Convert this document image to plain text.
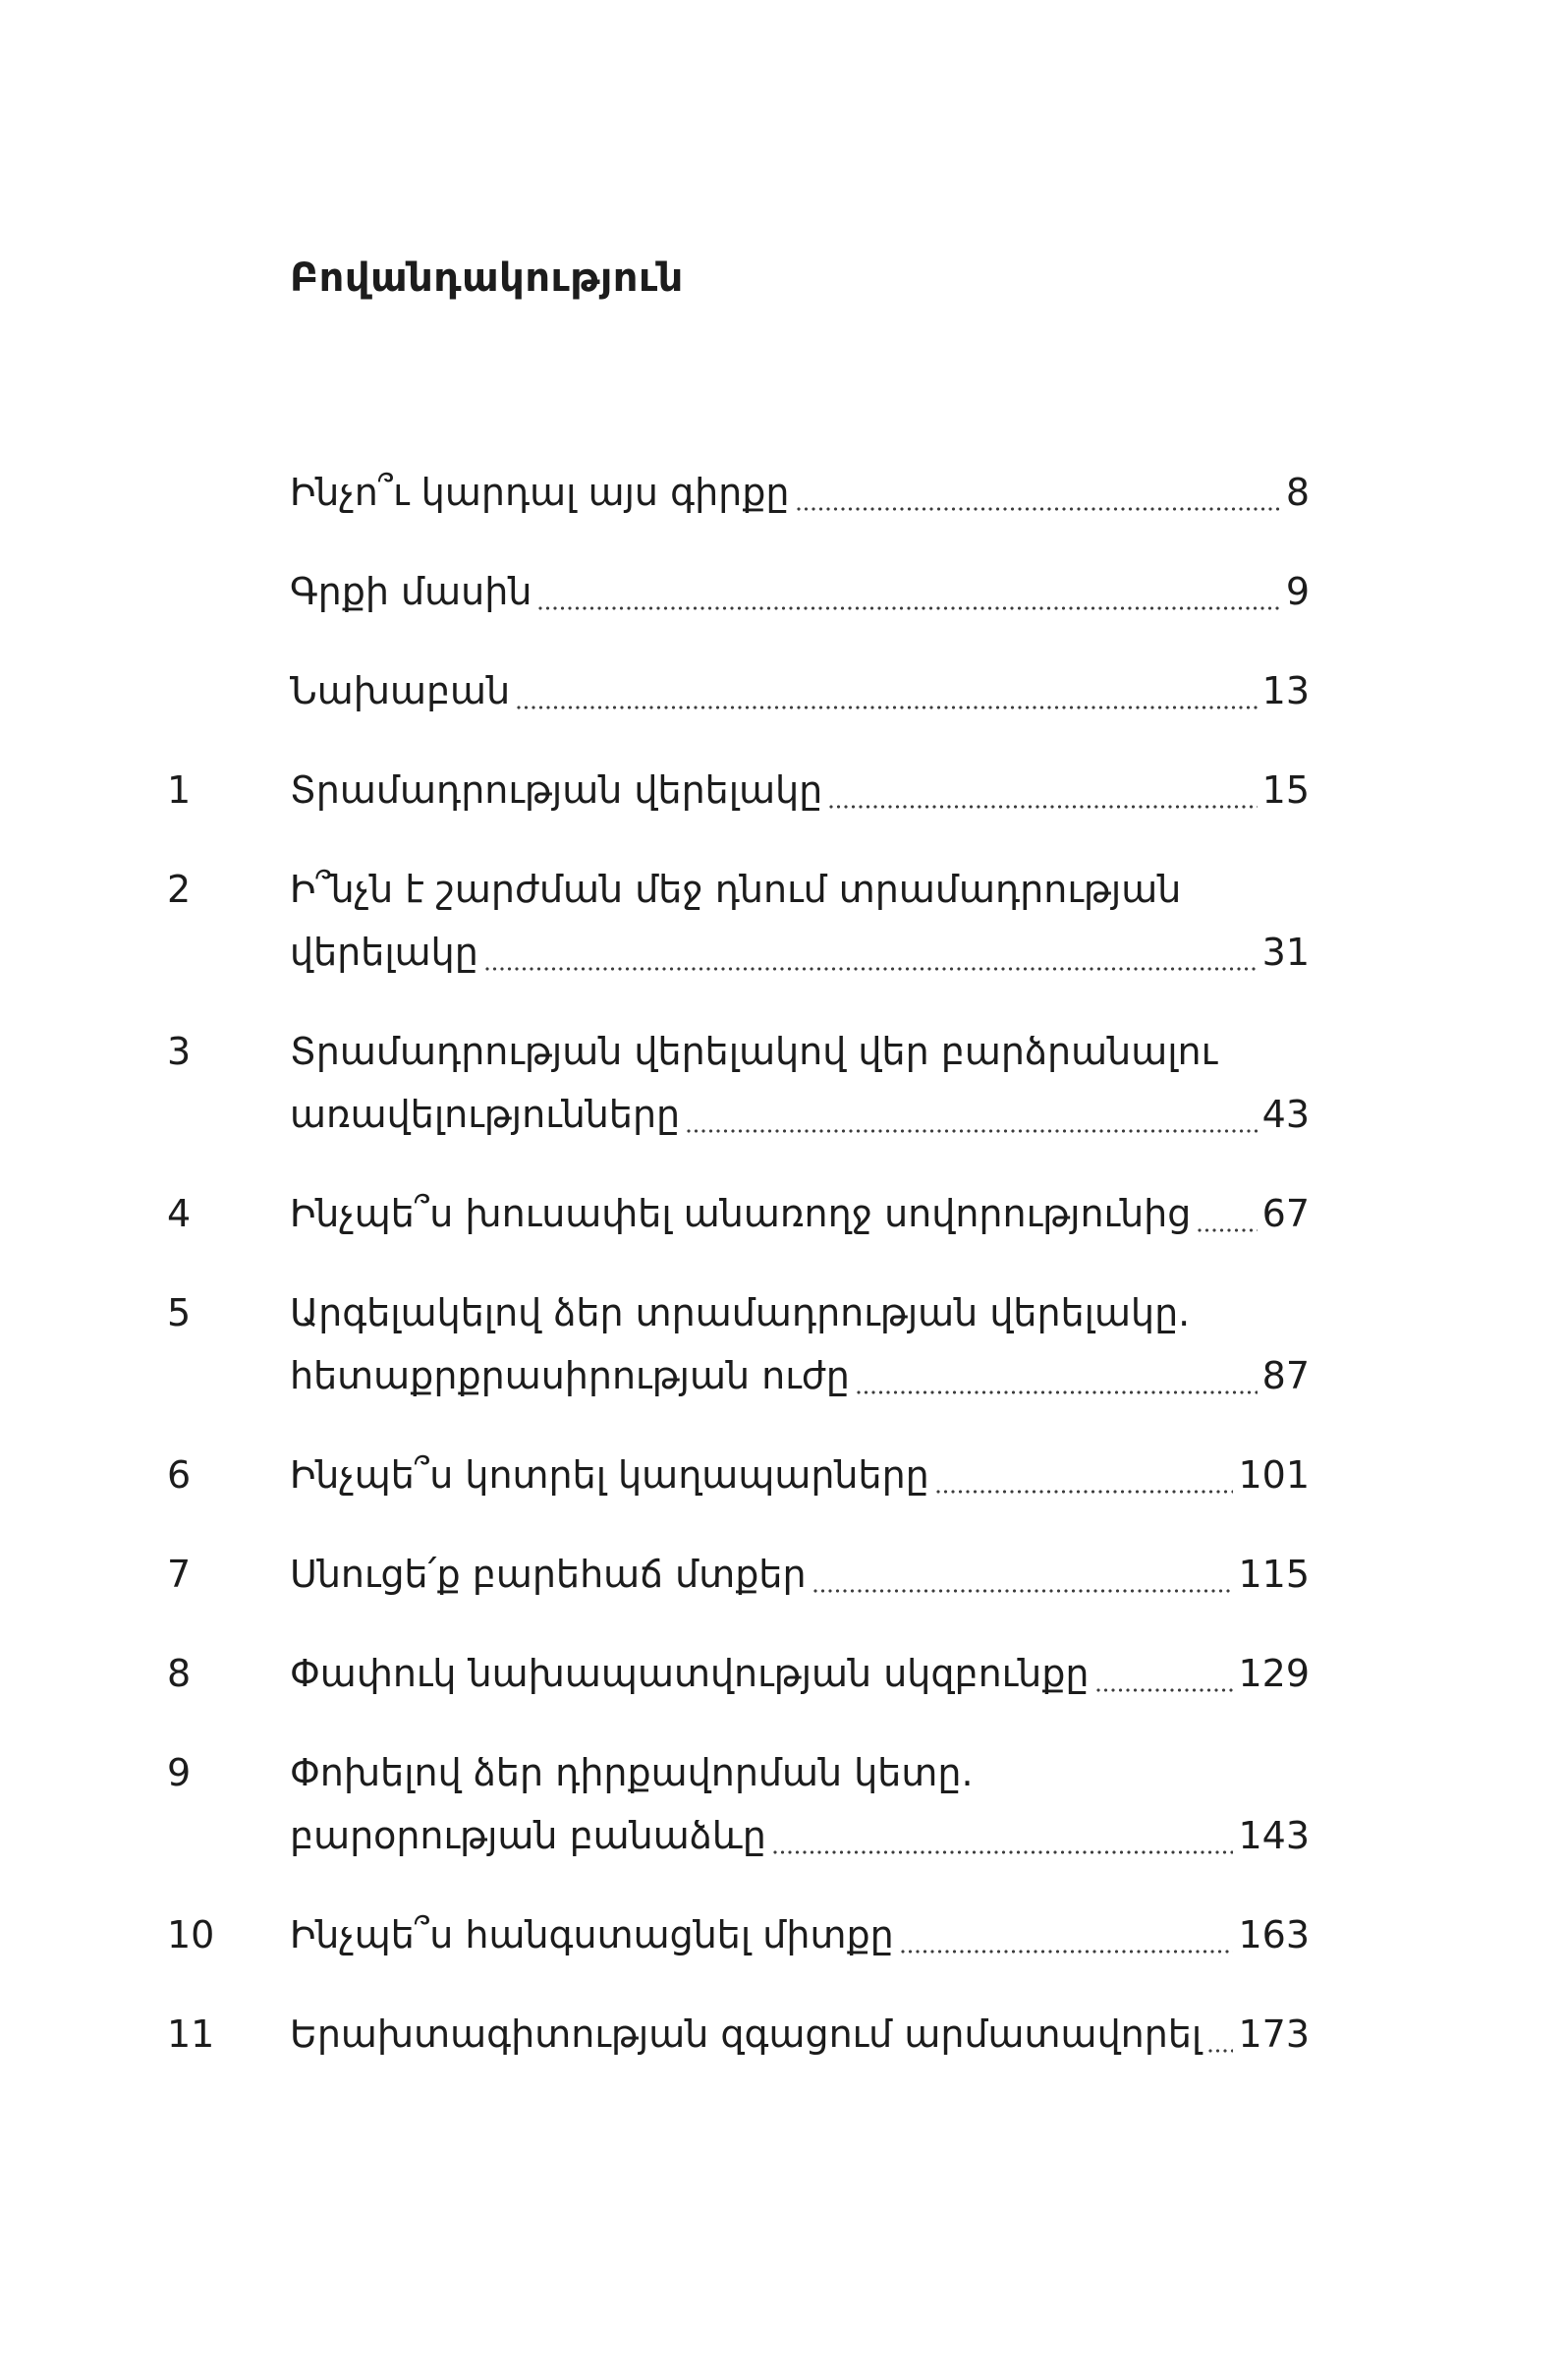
Բովանդակություն
Ինչո՞ւ կարդալ այս գիրքը	8
Գրքի մասին	9
Նախաբան	13
1	Տրամադրության վերելակը	15
2	Ի՞նչն է շարժման մեջ դնում տրամադրության
վերելակը	31
3	Տրամադրության վերելակով վեր բարձրանալու
առավելությունները	43
4	Ինչպե՞ս խուսափել անառողջ սովորությունից 67
5	Արգելակելով ձեր տրամադրության վերելակը.
հետաքրքրասիրության ուժը	87
6	Ինչպե՞ս կոտրել կաղապարները	101
7	Սնուցե՛ք բարեհաճ մտքեր	115
8	Փափուկ նախապատվության սկզբունքը	129
9	Փոխելով ձեր դիրքավորման կետը.
բարօրության բանաձևը	143
10	Ինչպե՞ս հանգստացնել միտքը	163
11	Երախտագիտության զգացում արմատավորել 173
